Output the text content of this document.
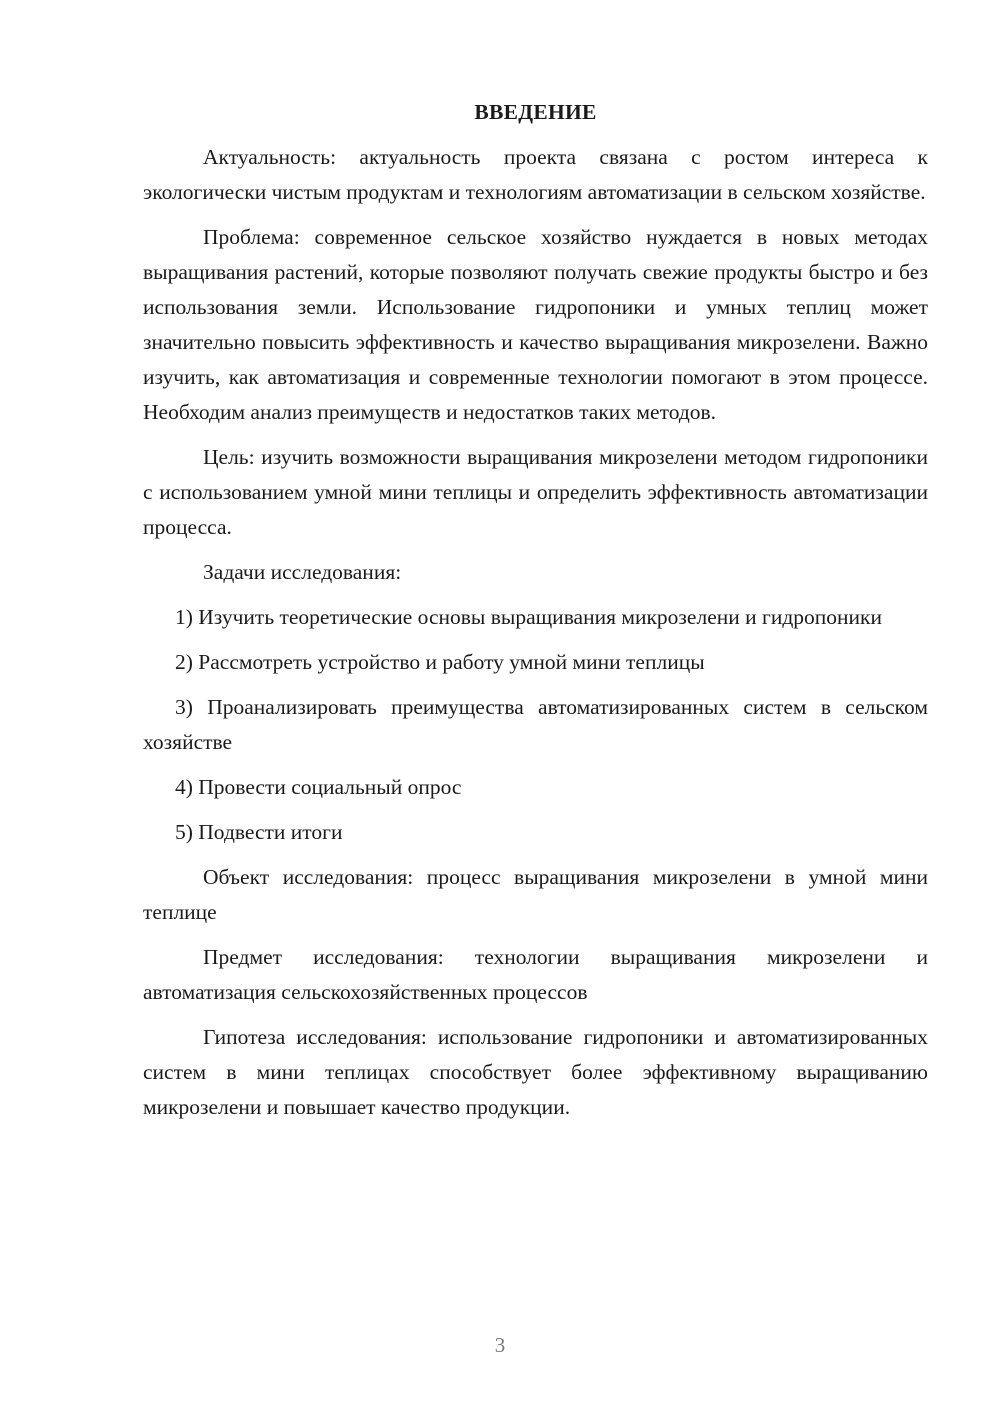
ВВЕДЕНИЕ

Актуальность: актуальность проекта связана с ростом интереса к экологически чистым продуктам и технологиям автоматизации в сельском хозяйстве.

Проблема: современное сельское хозяйство нуждается в новых методах выращивания растений, которые позволяют получать свежие продукты быстро и без использования земли. Использование гидропоники и умных теплиц может значительно повысить эффективность и качество выращивания микрозелени. Важно изучить, как автоматизация и современные технологии помогают в этом процессе. Необходим анализ преимуществ и недостатков таких методов.

Цель: изучить возможности выращивания микрозелени методом гидропоники с использованием умной мини теплицы и определить эффективность автоматизации процесса.

Задачи исследования:

1) Изучить теоретические основы выращивания микрозелени и гидропоники

2) Рассмотреть устройство и работу умной мини теплицы

3) Проанализировать преимущества автоматизированных систем в сельском хозяйстве

4) Провести социальный опрос

5) Подвести итоги

Объект исследования: процесс выращивания микрозелени в умной мини теплице

Предмет исследования: технологии выращивания микрозелени и автоматизация сельскохозяйственных процессов

Гипотеза исследования: использование гидропоники и автоматизированных систем в мини теплицах способствует более эффективному выращиванию микрозелени и повышает качество продукции.

3
